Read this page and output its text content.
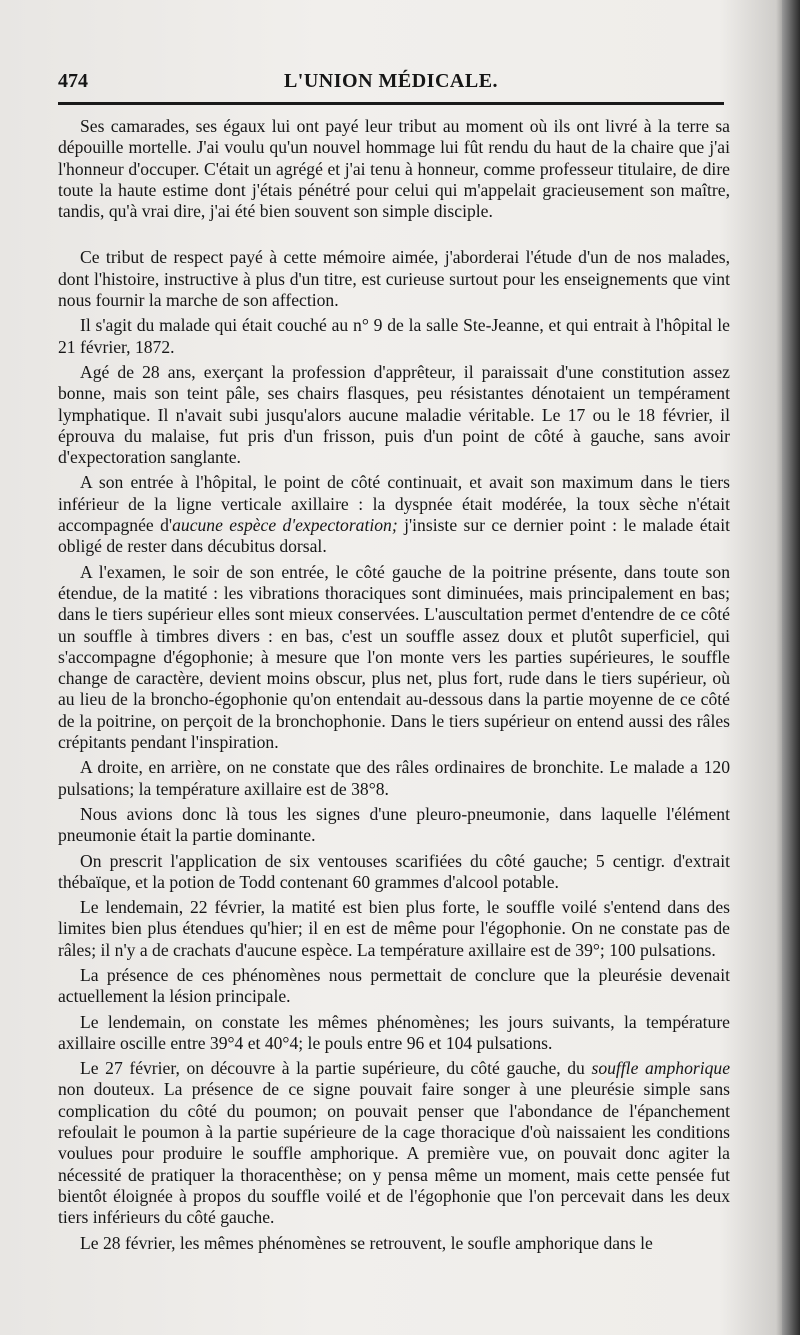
474	L'UNION MÉDICALE.

Ses camarades, ses égaux lui ont payé leur tribut au moment où ils ont livré à la terre sa dépouille mortelle. J'ai voulu qu'un nouvel hommage lui fût rendu du haut de la chaire que j'ai l'honneur d'occuper. C'était un agrégé et j'ai tenu à honneur, comme professeur titulaire, de dire toute la haute estime dont j'étais pénétré pour celui qui m'appelait gracieusement son maître, tandis, qu'à vrai dire, j'ai été bien souvent son simple disciple.

Ce tribut de respect payé à cette mémoire aimée, j'aborderai l'étude d'un de nos malades, dont l'histoire, instructive à plus d'un titre, est curieuse surtout pour les enseignements que vint nous fournir la marche de son affection.

Il s'agit du malade qui était couché au n° 9 de la salle Ste-Jeanne, et qui entrait à l'hôpital le 21 février, 1872.

Agé de 28 ans, exerçant la profession d'apprêteur, il paraissait d'une constitution assez bonne, mais son teint pâle, ses chairs flasques, peu résistantes dénotaient un tempérament lymphatique. Il n'avait subi jusqu'alors aucune maladie véritable. Le 17 ou le 18 février, il éprouva du malaise, fut pris d'un frisson, puis d'un point de côté à gauche, sans avoir d'expectoration sanglante.

A son entrée à l'hôpital, le point de côté continuait, et avait son maximum dans le tiers inférieur de la ligne verticale axillaire : la dyspnée était modérée, la toux sèche n'était accompagnée d'aucune espèce d'expectoration; j'insiste sur ce dernier point : le malade était obligé de rester dans décubitus dorsal.

A l'examen, le soir de son entrée, le côté gauche de la poitrine présente, dans toute son étendue, de la matité : les vibrations thoraciques sont diminuées, mais principalement en bas; dans le tiers supérieur elles sont mieux conservées. L'auscultation permet d'entendre de ce côté un souffle à timbres divers : en bas, c'est un souffle assez doux et plutôt superficiel, qui s'accompagne d'égophonie; à mesure que l'on monte vers les parties supérieures, le souffle change de caractère, devient moins obscur, plus net, plus fort, rude dans le tiers supérieur, où au lieu de la broncho-égophonie qu'on entendait au-dessous dans la partie moyenne de ce côté de la poitrine, on perçoit de la bronchophonie. Dans le tiers supérieur on entend aussi des râles crépitants pendant l'inspiration.

A droite, en arrière, on ne constate que des râles ordinaires de bronchite. Le malade a 120 pulsations; la température axillaire est de 38°8.

Nous avions donc là tous les signes d'une pleuro-pneumonie, dans laquelle l'élément pneumonie était la partie dominante.

On prescrit l'application de six ventouses scarifiées du côté gauche; 5 centigr. d'extrait thébaïque, et la potion de Todd contenant 60 grammes d'alcool potable.

Le lendemain, 22 février, la matité est bien plus forte, le souffle voilé s'entend dans des limites bien plus étendues qu'hier; il en est de même pour l'égophonie. On ne constate pas de râles; il n'y a de crachats d'aucune espèce. La température axillaire est de 39°; 100 pulsations.

La présence de ces phénomènes nous permettait de conclure que la pleurésie devenait actuellement la lésion principale.

Le lendemain, on constate les mêmes phénomènes; les jours suivants, la température axillaire oscille entre 39°4 et 40°4; le pouls entre 96 et 104 pulsations.

Le 27 février, on découvre à la partie supérieure, du côté gauche, du souffle amphorique non douteux. La présence de ce signe pouvait faire songer à une pleurésie simple sans complication du côté du poumon; on pouvait penser que l'abondance de l'épanchement refoulait le poumon à la partie supérieure de la cage thoracique d'où naissaient les conditions voulues pour produire le souffle amphorique. A première vue, on pouvait donc agiter la nécessité de pratiquer la thoracenthèse; on y pensa même un moment, mais cette pensée fut bientôt éloignée à propos du souffle voilé et de l'égophonie que l'on percevait dans les deux tiers inférieurs du côté gauche.

Le 28 février, les mêmes phénomènes se retrouvent, le soufle amphorique dans le
